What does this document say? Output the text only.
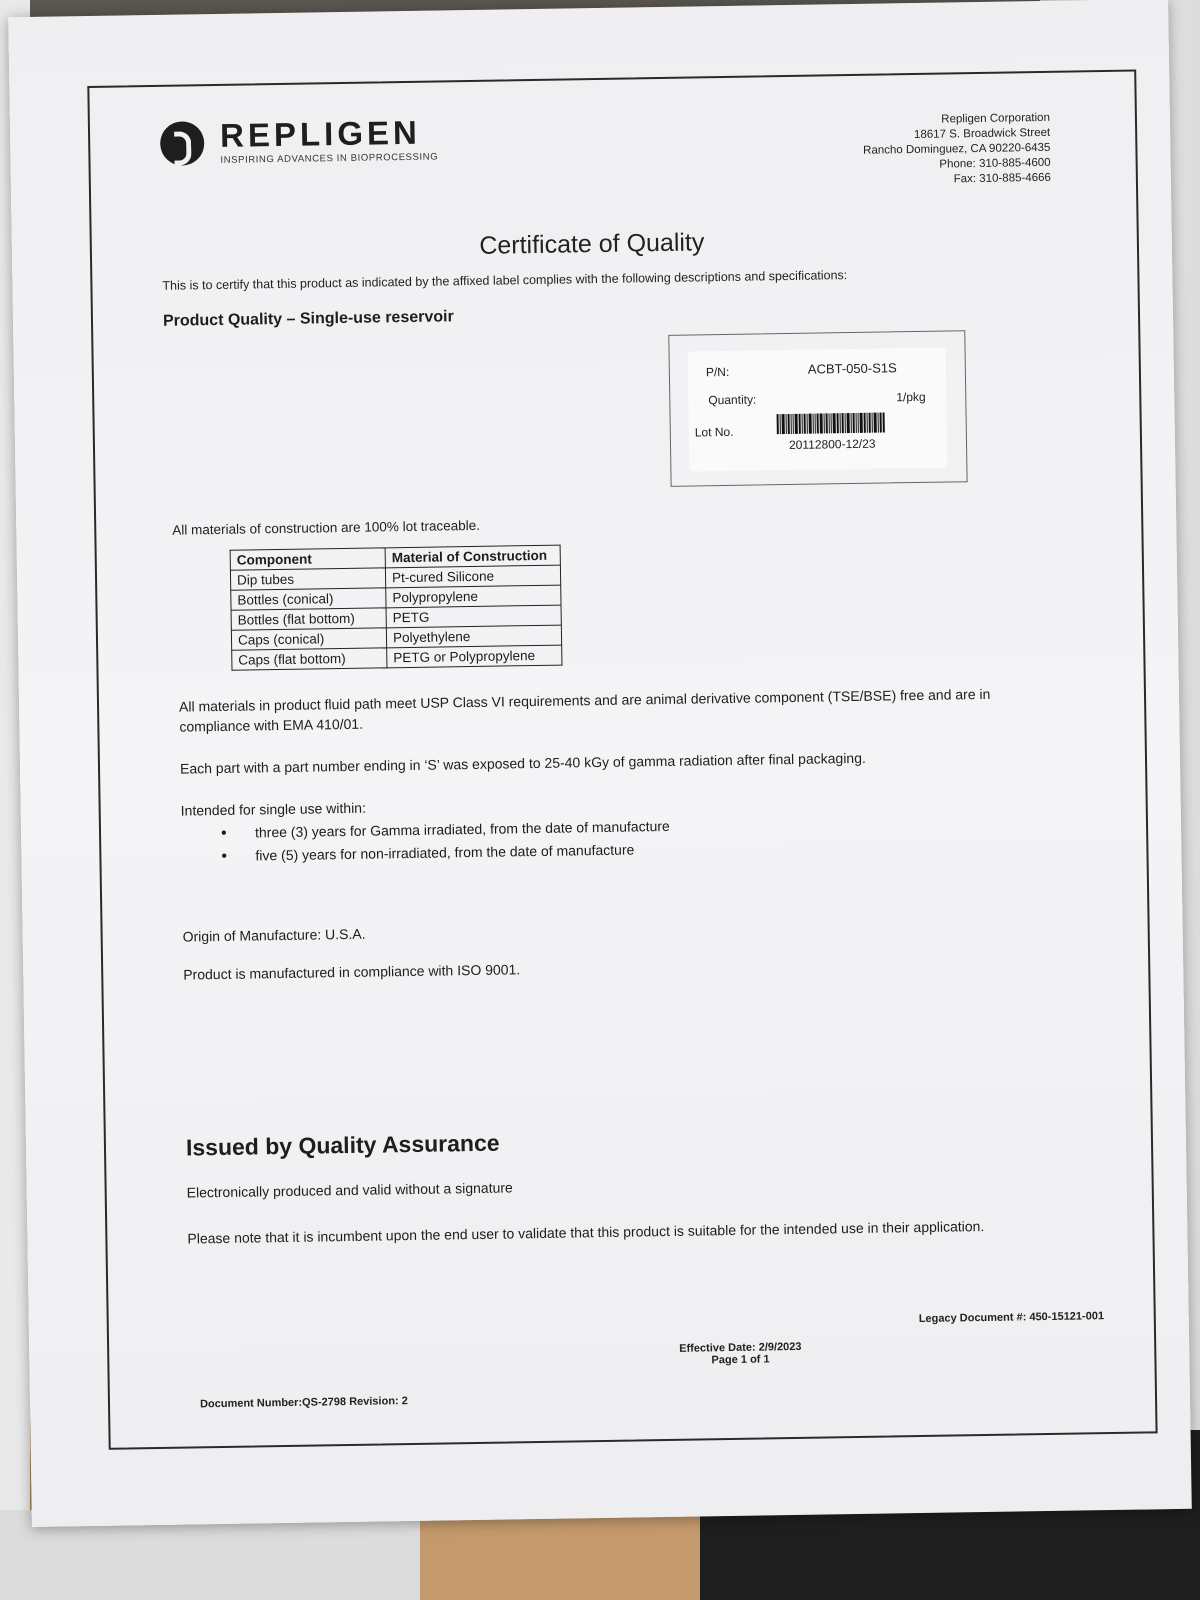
REPLIGEN
INSPIRING ADVANCES IN BIOPROCESSING
Repligen Corporation
18617 S. Broadwick Street
Rancho Dominguez, CA 90220-6435
Phone: 310-885-4600
Fax: 310-885-4666
Certificate of Quality
This is to certify that this product as indicated by the affixed label complies with the following descriptions and specifications:
Product Quality – Single-use reservoir
P/N:	ACBT-050-S1S
Quantity:	1/pkg
Lot No.
20112800-12/23
All materials of construction are 100% lot traceable.
Component	Material of Construction
Dip tubes	Pt-cured Silicone
Bottles (conical)	Polypropylene
Bottles (flat bottom)	PETG
Caps (conical)	Polyethylene
Caps (flat bottom)	PETG or Polypropylene
All materials in product fluid path meet USP Class VI requirements and are animal derivative component (TSE/BSE) free and are in
compliance with EMA 410/01.
Each part with a part number ending in ‘S’ was exposed to 25-40 kGy of gamma radiation after final packaging.
Intended for single use within:
• three (3) years for Gamma irradiated, from the date of manufacture
• five (5) years for non-irradiated, from the date of manufacture
Origin of Manufacture: U.S.A.
Product is manufactured in compliance with ISO 9001.
Issued by Quality Assurance
Electronically produced and valid without a signature
Please note that it is incumbent upon the end user to validate that this product is suitable for the intended use in their application.
Document Number:QS-2798 Revision: 2
Effective Date: 2/9/2023
Page 1 of 1
Legacy Document #: 450-15121-001
